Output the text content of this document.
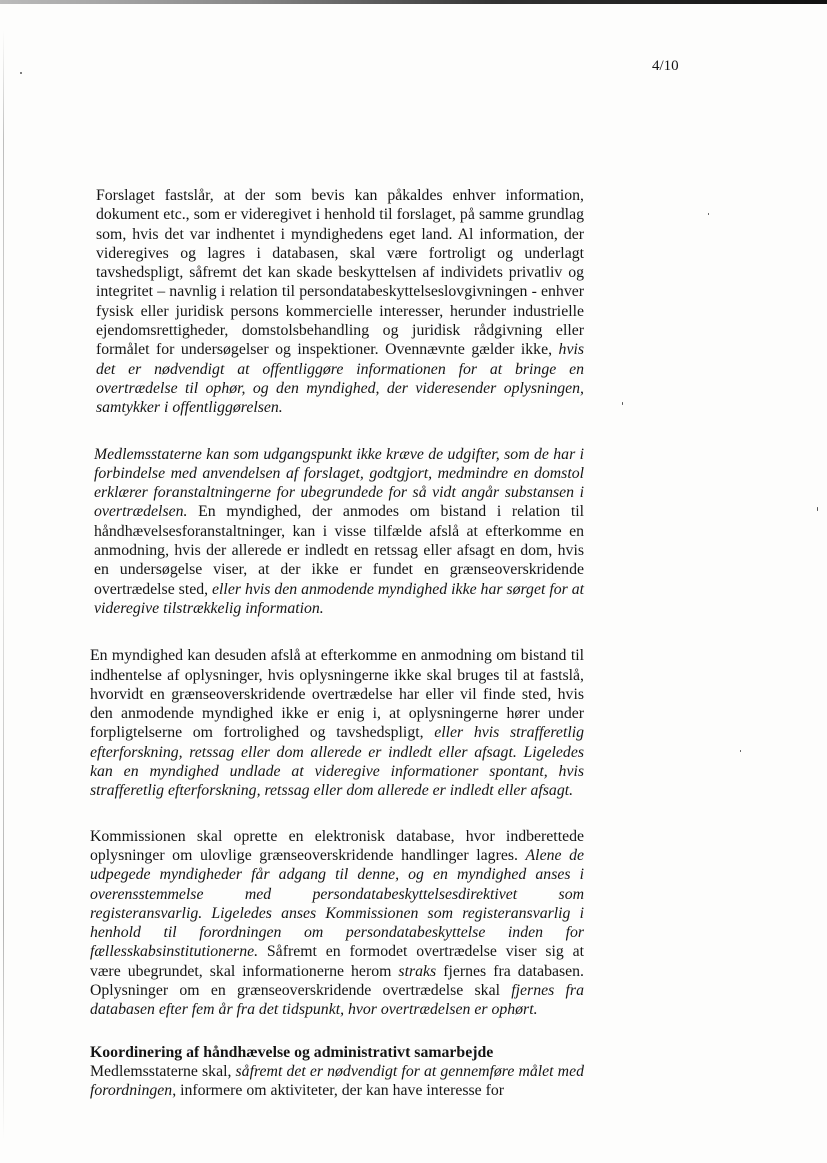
4/10

Forslaget fastslår, at der som bevis kan påkaldes enhver information, dokument etc., som er videregivet i henhold til forslaget, på samme grundlag som, hvis det var indhentet i myndighedens eget land. Al information, der videregives og lagres i databasen, skal være fortroligt og underlagt tavshedspligt, såfremt det kan skade beskyttelsen af individets privatliv og integritet – navnlig i relation til persondatabeskyttelseslovgivningen - enhver fysisk eller juridisk persons kommercielle interesser, herunder industrielle ejendomsrettigheder, domstolsbehandling og juridisk rådgivning eller formålet for undersøgelser og inspektioner. Ovennævnte gælder ikke, hvis det er nødvendigt at offentliggøre informationen for at bringe en overtrædelse til ophør, og den myndighed, der videresender oplysningen, samtykker i offentliggørelsen.

Medlemsstaterne kan som udgangspunkt ikke kræve de udgifter, som de har i forbindelse med anvendelsen af forslaget, godtgjort, medmindre en domstol erklærer foranstaltningerne for ubegrundede for så vidt angår substansen i overtrædelsen. En myndighed, der anmodes om bistand i relation til håndhævelsesforanstaltninger, kan i visse tilfælde afslå at efterkomme en anmodning, hvis der allerede er indledt en retssag eller afsagt en dom, hvis en undersøgelse viser, at der ikke er fundet en grænseoverskridende overtrædelse sted, eller hvis den anmodende myndighed ikke har sørget for at videregive tilstrækkelig information.

En myndighed kan desuden afslå at efterkomme en anmodning om bistand til indhentelse af oplysninger, hvis oplysningerne ikke skal bruges til at fastslå, hvorvidt en grænseoverskridende overtrædelse har eller vil finde sted, hvis den anmodende myndighed ikke er enig i, at oplysningerne hører under forpligtelserne om fortrolighed og tavshedspligt, eller hvis strafferetlig efterforskning, retssag eller dom allerede er indledt eller afsagt. Ligeledes kan en myndighed undlade at videregive informationer spontant, hvis strafferetlig efterforskning, retssag eller dom allerede er indledt eller afsagt.

Kommissionen skal oprette en elektronisk database, hvor indberettede oplysninger om ulovlige grænseoverskridende handlinger lagres. Alene de udpegede myndigheder får adgang til denne, og en myndighed anses i overensstemmelse med persondatabeskyttelsesdirektivet som registeransvarlig. Ligeledes anses Kommissionen som registeransvarlig i henhold til forordningen om persondatabeskyttelse inden for fællesskabsinstitutionerne. Såfremt en formodet overtrædelse viser sig at være ubegrundet, skal informationerne herom straks fjernes fra databasen. Oplysninger om en grænseoverskridende overtrædelse skal fjernes fra databasen efter fem år fra det tidspunkt, hvor overtrædelsen er ophørt.

Koordinering af håndhævelse og administrativt samarbejde

Medlemsstaterne skal, såfremt det er nødvendigt for at gennemføre målet med forordningen, informere om aktiviteter, der kan have interesse for
